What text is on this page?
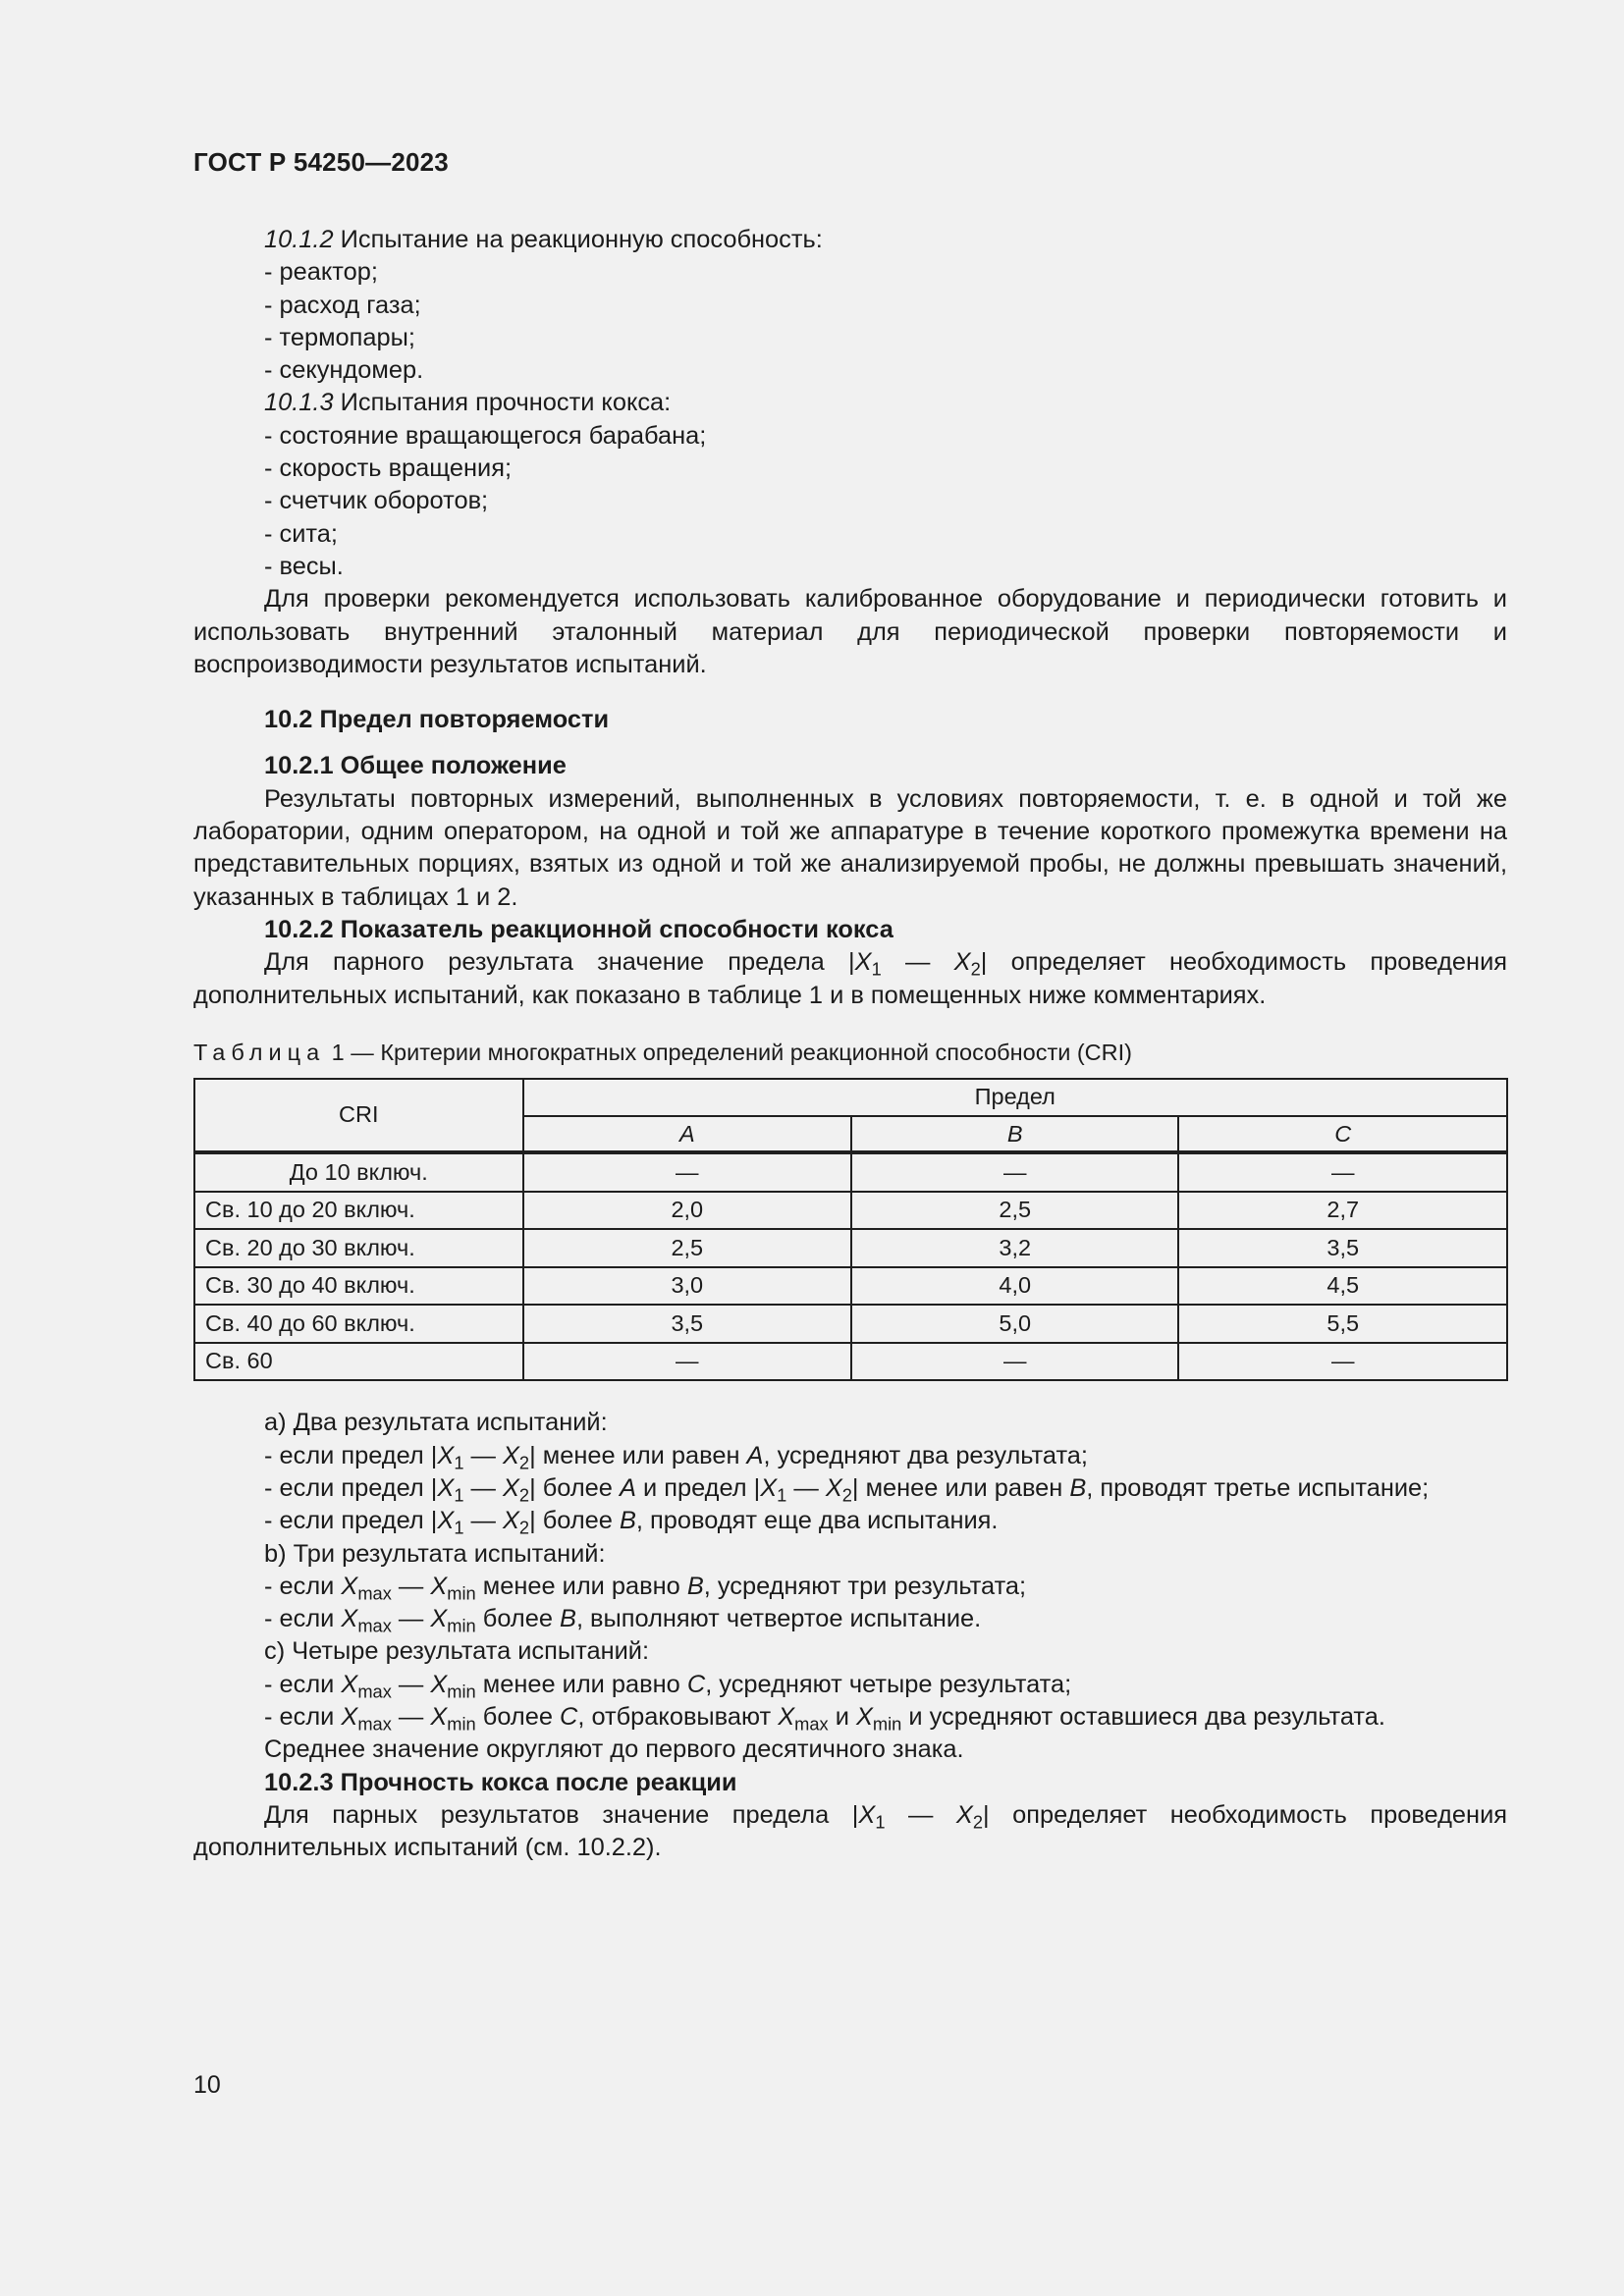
ГОСТ Р 54250—2023

10.1.2 Испытание на реакционную способность:

- реактор;

- расход газа;

- термопары;

- секундомер.

10.1.3 Испытания прочности кокса:

- состояние вращающегося барабана;

- скорость вращения;

- счетчик оборотов;

- сита;

- весы.

Для проверки рекомендуется использовать калиброванное оборудование и периодически готовить и использовать внутренний эталонный материал для периодической проверки повторяемости и воспроизводимости результатов испытаний.

10.2 Предел повторяемости

10.2.1 Общее положение

Результаты повторных измерений, выполненных в условиях повторяемости, т. е. в одной и той же лаборатории, одним оператором, на одной и той же аппаратуре в течение короткого промежутка времени на представительных порциях, взятых из одной и той же анализируемой пробы, не должны превышать значений, указанных в таблицах 1 и 2.

10.2.2 Показатель реакционной способности кокса

Для парного результата значение предела $|X_1$ — $X_2|$ определяет необходимость проведения дополнительных испытаний, как показано в таблице 1 и в помещенных ниже комментариях.

Таблица 1 — Критерии многократных определений реакционной способности (CRI)
CRI	Предел		
	A	B	C
До 10 включ.	—	—	—
Св. 10 до 20 включ.	2,0	2,5	2,7
Св. 20 до 30 включ.	2,5	3,2	3,5
Св. 30 до 40 включ.	3,0	4,0	4,5
Св. 40 до 60 включ.	3,5	5,0	5,5
Св. 60	—	—	—

а) Два результата испытаний:

- если предел $|X_1$ — $X_2|$ менее или равен A, усредняют два результата;

- если предел $|X_1$ — $X_2|$ более A и предел $|X_1$ — $X_2|$ менее или равен B, проводят третье испытание;

- если предел $|X_1$ — $X_2|$ более B, проводят еще два испытания.

b) Три результата испытаний:

- если $X_{max}$ — $X_{min}$ менее или равно B, усредняют три результата;

- если $X_{max}$ — $X_{min}$ более B, выполняют четвертое испытание.

c) Четыре результата испытаний:

- если $X_{max}$ — $X_{min}$ менее или равно C, усредняют четыре результата;

- если $X_{max}$ — $X_{min}$ более C, отбраковывают $X_{max}$ и $X_{min}$ и усредняют оставшиеся два результата.

Среднее значение округляют до первого десятичного знака.

10.2.3 Прочность кокса после реакции

Для парных результатов значение предела $|X_1$ — $X_2|$ определяет необходимость проведения дополнительных испытаний (см. 10.2.2).

10
